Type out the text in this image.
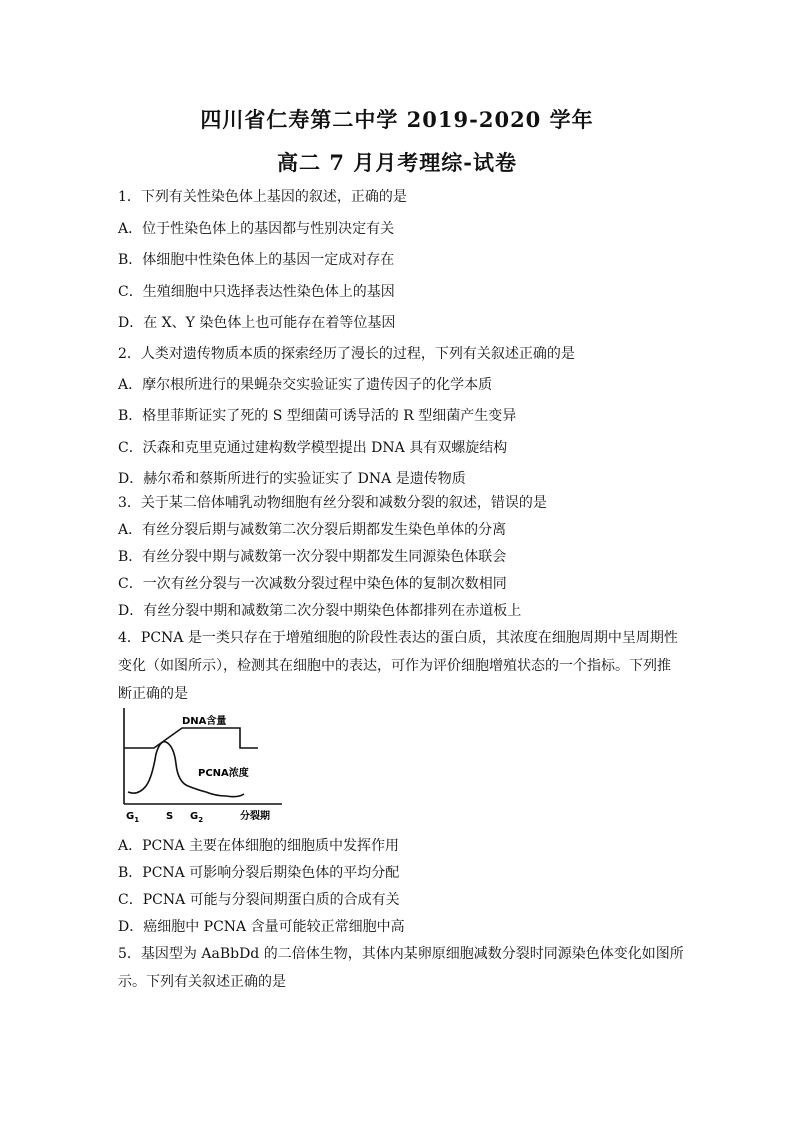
四川省仁寿第二中学 2019-2020 学年
高二 7 月月考理综-试卷
1．下列有关性染色体上基因的叙述，正确的是
A．位于性染色体上的基因都与性别决定有关
B．体细胞中性染色体上的基因一定成对存在
C．生殖细胞中只选择表达性染色体上的基因
D．在 X、Y 染色体上也可能存在着等位基因
2．人类对遗传物质本质的探索经历了漫长的过程，下列有关叙述正确的是
A．摩尔根所进行的果蝇杂交实验证实了遗传因子的化学本质
B．格里菲斯证实了死的 S 型细菌可诱导活的 R 型细菌产生变异
C．沃森和克里克通过建构数学模型提出 DNA 具有双螺旋结构
D．赫尔希和蔡斯所进行的实验证实了 DNA 是遗传物质
3．关于某二倍体哺乳动物细胞有丝分裂和减数分裂的叙述，错误的是
A．有丝分裂后期与减数第二次分裂后期都发生染色单体的分离
B．有丝分裂中期与减数第一次分裂中期都发生同源染色体联会
C．一次有丝分裂与一次减数分裂过程中染色体的复制次数相同
D．有丝分裂中期和减数第二次分裂中期染色体都排列在赤道板上
4．PCNA 是一类只存在于增殖细胞的阶段性表达的蛋白质，其浓度在细胞周期中呈周期性
变化（如图所示），检测其在细胞中的表达，可作为评价细胞增殖状态的一个指标。下列推
断正确的是
DNA含量
PCNA浓度
$G_1$	S $G_2$	分裂期
A．PCNA 主要在体细胞的细胞质中发挥作用
B．PCNA 可影响分裂后期染色体的平均分配
C．PCNA 可能与分裂间期蛋白质的合成有关
D．癌细胞中 PCNA 含量可能较正常细胞中高
5．基因型为 AaBbDd 的二倍体生物，其体内某卵原细胞减数分裂时同源染色体变化如图所
示。下列有关叙述正确的是
